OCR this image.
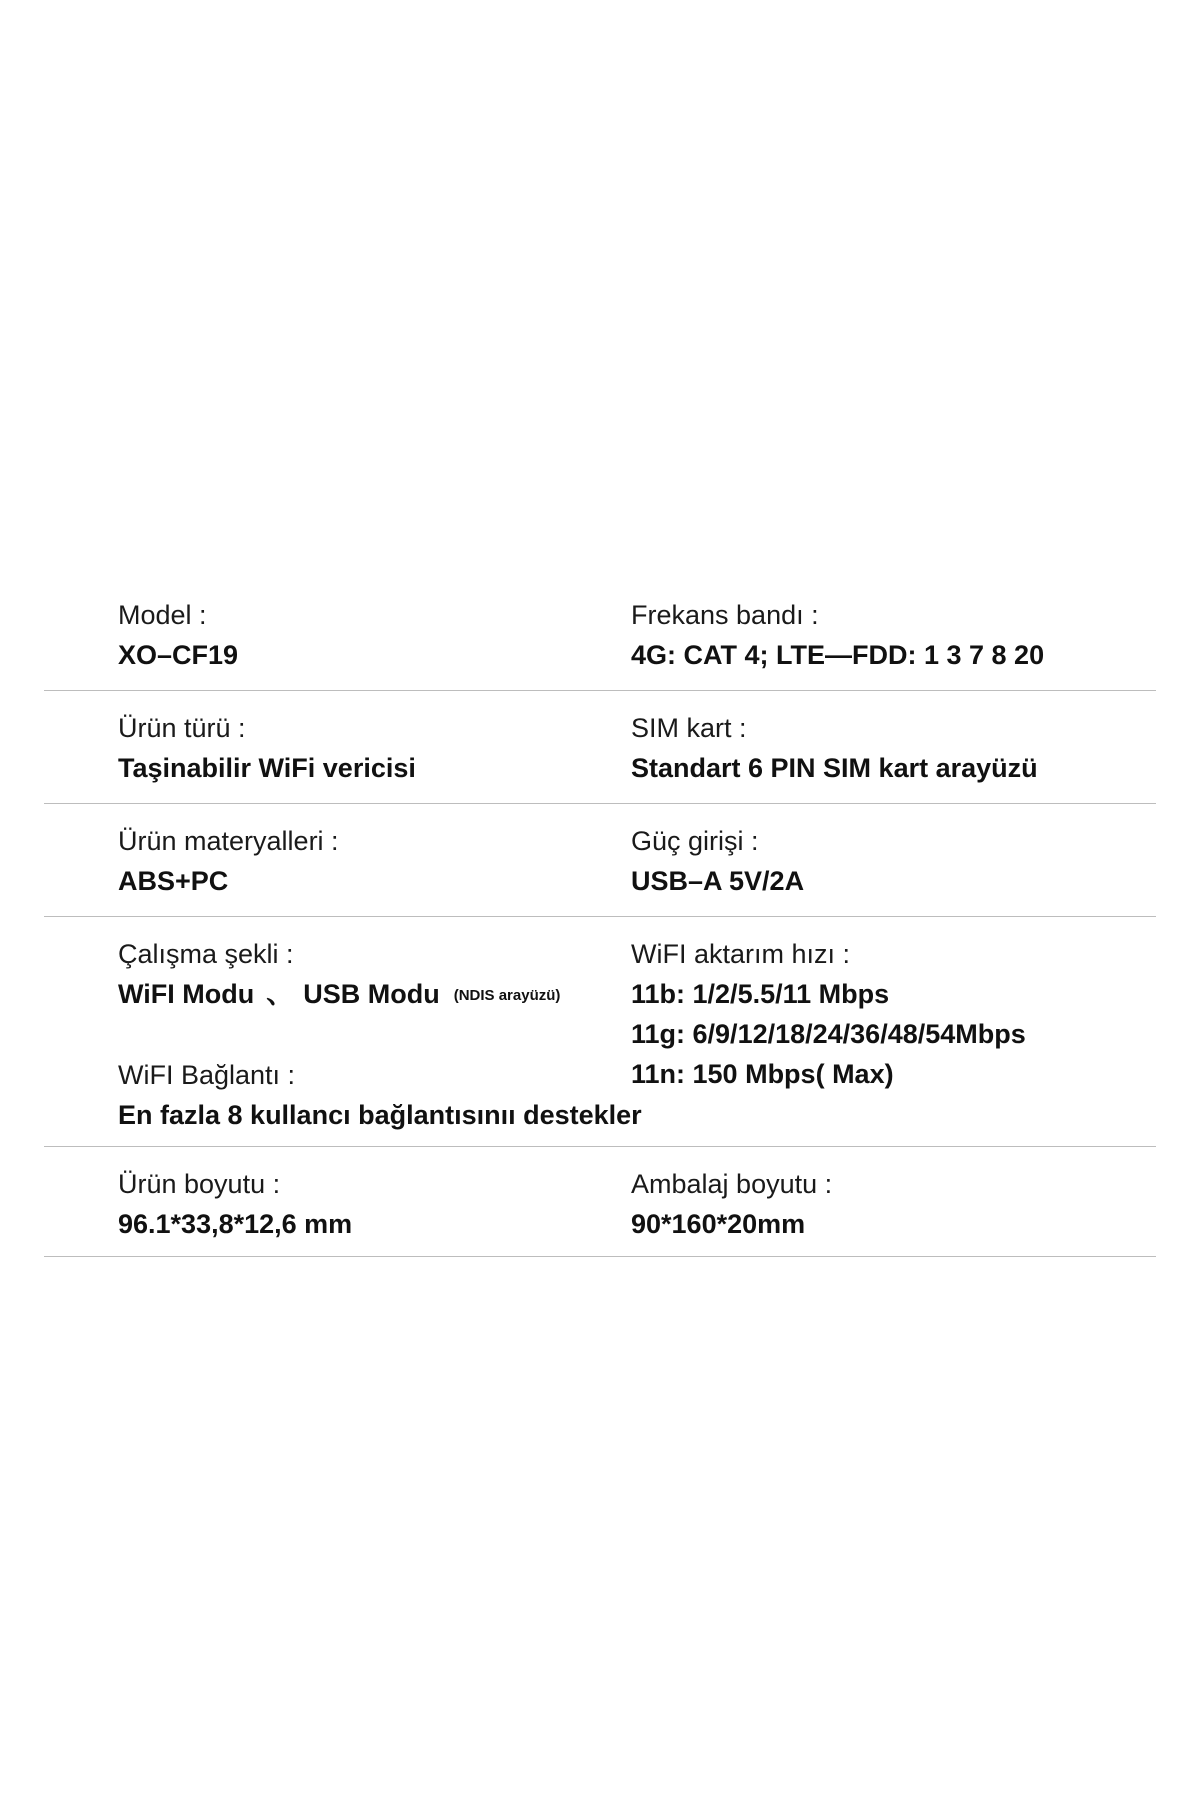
Model :
XO–CF19
Frekans bandı :
4G: CAT 4; LTE—FDD: 1 3 7 8 20
Ürün türü :
Taşinabilir WiFi vericisi
SIM kart :
Standart 6 PIN SIM kart arayüzü
Ürün materyalleri :
ABS+PC
Güç girişi :
USB–A 5V/2A
Çalışma şekli :
WiFI Modu 、 USB Modu (NDIS arayüzü)
WiFI Bağlantı :
En fazla 8 kullancı bağlantısınıı destekler
WiFI aktarım hızı :
11b: 1/2/5.5/11 Mbps
11g: 6/9/12/18/24/36/48/54Mbps
11n: 150 Mbps( Max)
Ürün boyutu :
96.1*33,8*12,6 mm
Ambalaj boyutu :
90*160*20mm
